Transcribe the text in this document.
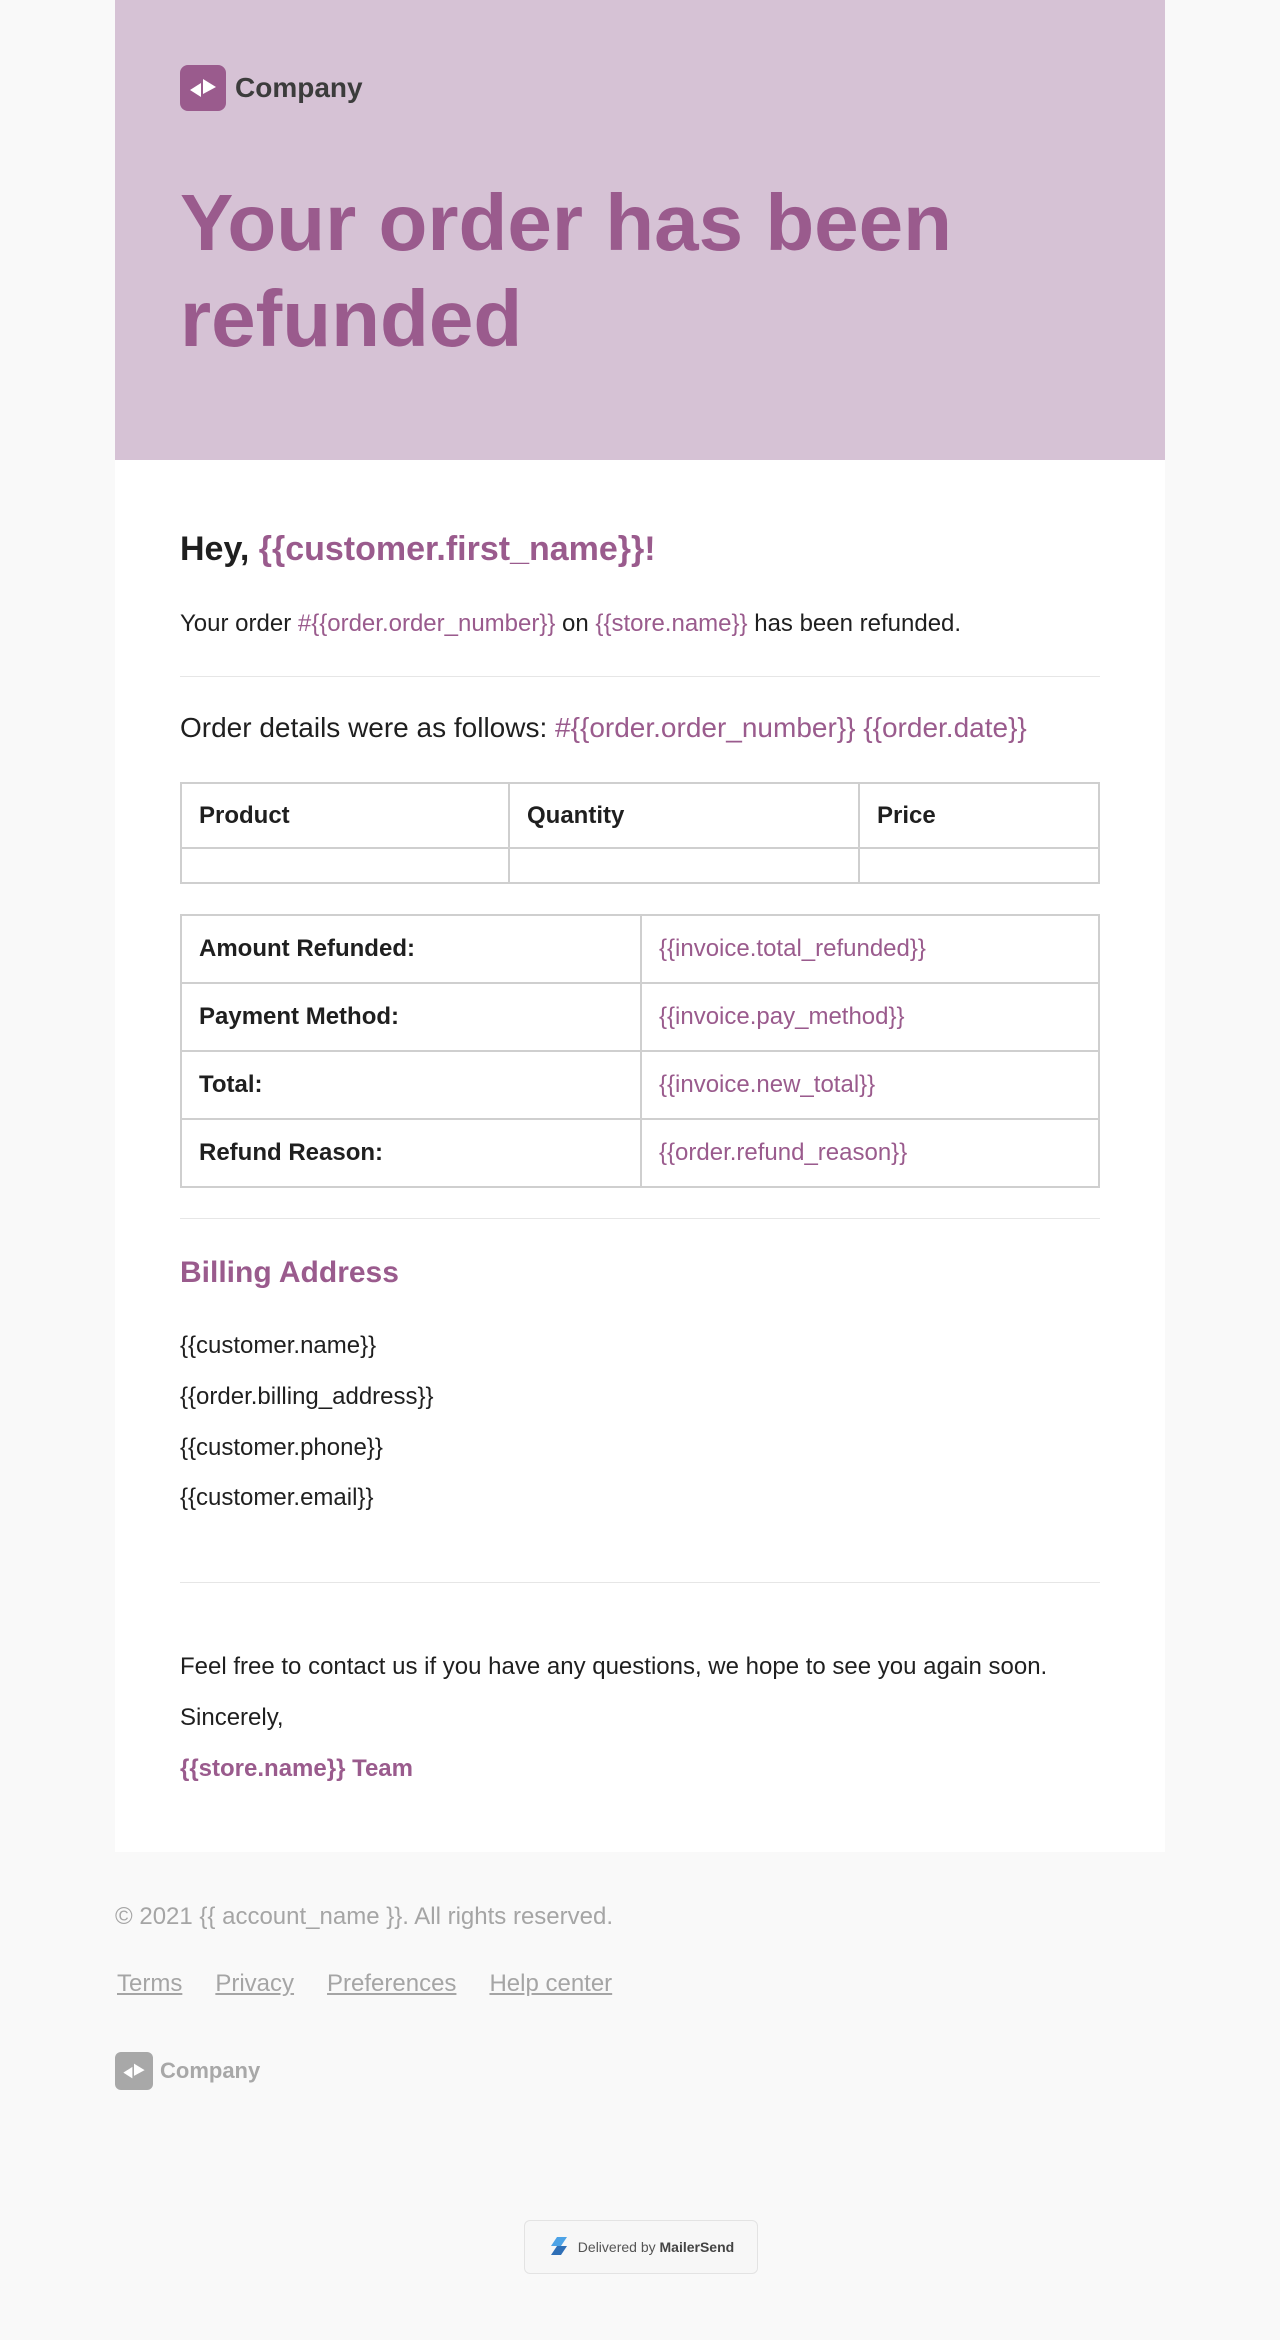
Company
Your order has been refunded

Hey, {{customer.first_name}}!

Your order #{{order.order_number}} on {{store.name}} has been refunded.

Order details were as follows: #{{order.order_number}} {{order.date}}

Product	Quantity	Price

Amount Refunded:	{{invoice.total_refunded}}
Payment Method:	{{invoice.pay_method}}
Total:	{{invoice.new_total}}
Refund Reason:	{{order.refund_reason}}

Billing Address

{{customer.name}}

{{order.billing_address}}

{{customer.phone}}

{{customer.email}}

Feel free to contact us if you have any questions, we hope to see you again soon.

Sincerely,

{{store.name}} Team

© 2021 {{ account_name }}. All rights reserved.

Terms Privacy Preferences Help center
Company
Delivered by MailerSend
